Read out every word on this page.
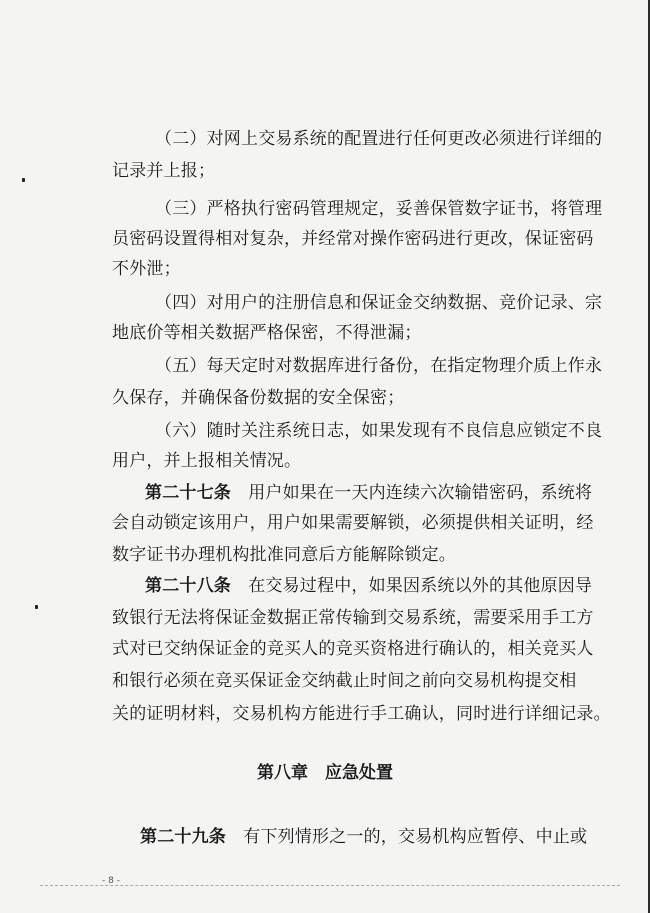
（二）对网上交易系统的配置进行任何更改必须进行详细的
记录并上报；
（三）严格执行密码管理规定，妥善保管数字证书，将管理
员密码设置得相对复杂，并经常对操作密码进行更改，保证密码
不外泄；
（四）对用户的注册信息和保证金交纳数据、竞价记录、宗
地底价等相关数据严格保密，不得泄漏；
（五）每天定时对数据库进行备份，在指定物理介质上作永
久保存，并确保备份数据的安全保密；
（六）随时关注系统日志，如果发现有不良信息应锁定不良
用户，并上报相关情况。
第二十七条　用户如果在一天内连续六次输错密码，系统将
会自动锁定该用户，用户如果需要解锁，必须提供相关证明，经
数字证书办理机构批准同意后方能解除锁定。
第二十八条　在交易过程中，如果因系统以外的其他原因导
致银行无法将保证金数据正常传输到交易系统，需要采用手工方
式对已交纳保证金的竞买人的竞买资格进行确认的，相关竞买人
和银行必须在竞买保证金交纳截止时间之前向交易机构提交相
关的证明材料，交易机构方能进行手工确认，同时进行详细记录。
第八章　应急处置
第二十九条　有下列情形之一的，交易机构应暂停、中止或
- 8 -
